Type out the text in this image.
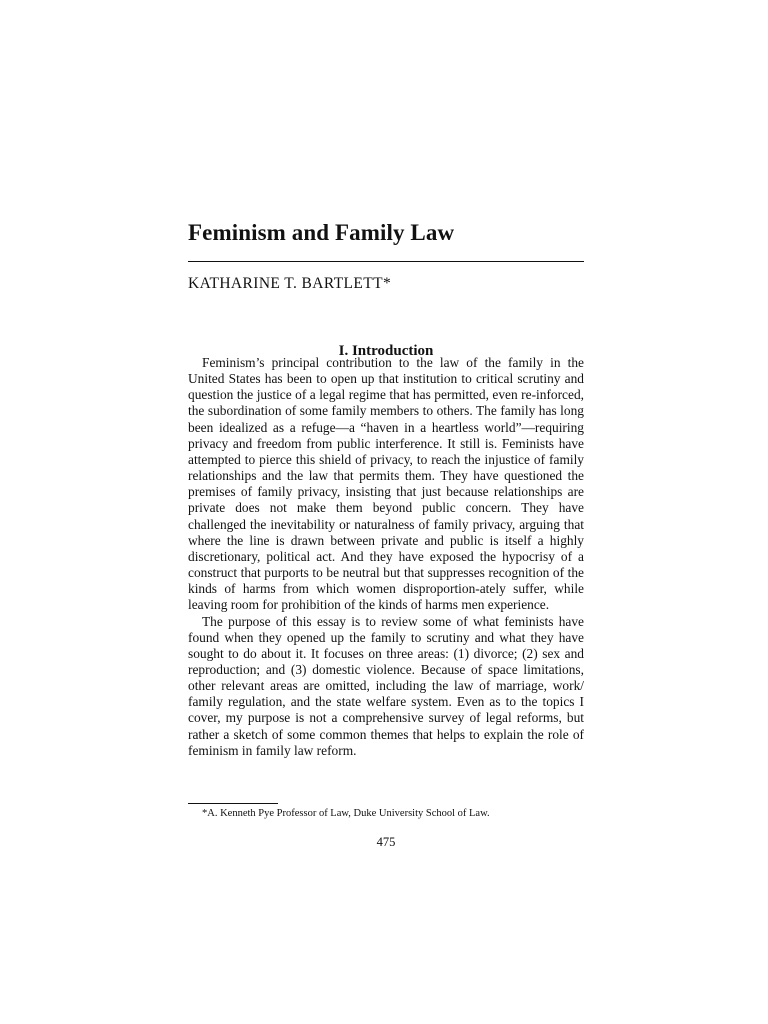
Feminism and Family Law
KATHARINE T. BARTLETT*
I. Introduction

Feminism’s principal contribution to the law of the family in the United States has been to open up that institution to critical scrutiny and question the justice of a legal regime that has permitted, even re-inforced, the subordination of some family members to others. The family has long been idealized as a refuge—a “haven in a heartless world”—requiring privacy and freedom from public interference. It still is. Feminists have attempted to pierce this shield of privacy, to reach the injustice of family relationships and the law that permits them. They have questioned the premises of family privacy, insisting that just because relationships are private does not make them beyond public concern. They have challenged the inevitability or naturalness of family privacy, arguing that where the line is drawn between private and public is itself a highly discretionary, political act. And they have exposed the hypocrisy of a construct that purports to be neutral but that suppresses recognition of the kinds of harms from which women disproportion-ately suffer, while leaving room for prohibition of the kinds of harms men experience.

The purpose of this essay is to review some of what feminists have found when they opened up the family to scrutiny and what they have sought to do about it. It focuses on three areas: (1) divorce; (2) sex and reproduction; and (3) domestic violence. Because of space limitations, other relevant areas are omitted, including the law of marriage, work/ family regulation, and the state welfare system. Even as to the topics I cover, my purpose is not a comprehensive survey of legal reforms, but rather a sketch of some common themes that helps to explain the role of feminism in family law reform.

*A. Kenneth Pye Professor of Law, Duke University School of Law.
475
